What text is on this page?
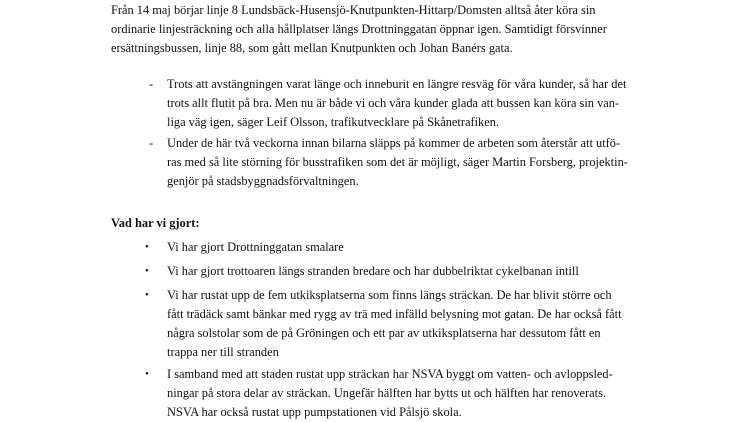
Från 14 maj börjar linje 8 Lundsbäck-Husensjö-Knutpunkten-Hittarp/Domsten alltså åter köra sin
ordinarie linjesträckning och alla hållplatser längs Drottninggatan öppnar igen. Samtidigt försvinner
ersättningsbussen, linje 88, som gått mellan Knutpunkten och Johan Banérs gata.

- Trots att avstängningen varat länge och inneburit en längre resväg för våra kunder, så har det
trots allt flutit på bra. Men nu är både vi och våra kunder glada att bussen kan köra sin van-
liga väg igen, säger Leif Olsson, trafikutvecklare på Skånetrafiken.

- Under de här två veckorna innan bilarna släpps på kommer de arbeten som återstår att utfö-
ras med så lite störning för busstrafiken som det är möjligt, säger Martin Forsberg, projektin-
genjör på stadsbyggnadsförvaltningen.

Vad har vi gjort:

• Vi har gjort Drottninggatan smalare

• Vi har gjort trottoaren längs stranden bredare och har dubbelriktat cykelbanan intill

• Vi har rustat upp de fem utkiksplatserna som finns längs sträckan. De har blivit större och
fått trädäck samt bänkar med rygg av trä med infälld belysning mot gatan. De har också fått
några solstolar som de på Gröningen och ett par av utkiksplatserna har dessutom fått en
trappa ner till stranden

• I samband med att staden rustat upp sträckan har NSVA byggt om vatten- och avloppsled-
ningar på stora delar av sträckan. Ungefär hälften har bytts ut och hälften har renoverats.
NSVA har också rustat upp pumpstationen vid Pålsjö skola.
